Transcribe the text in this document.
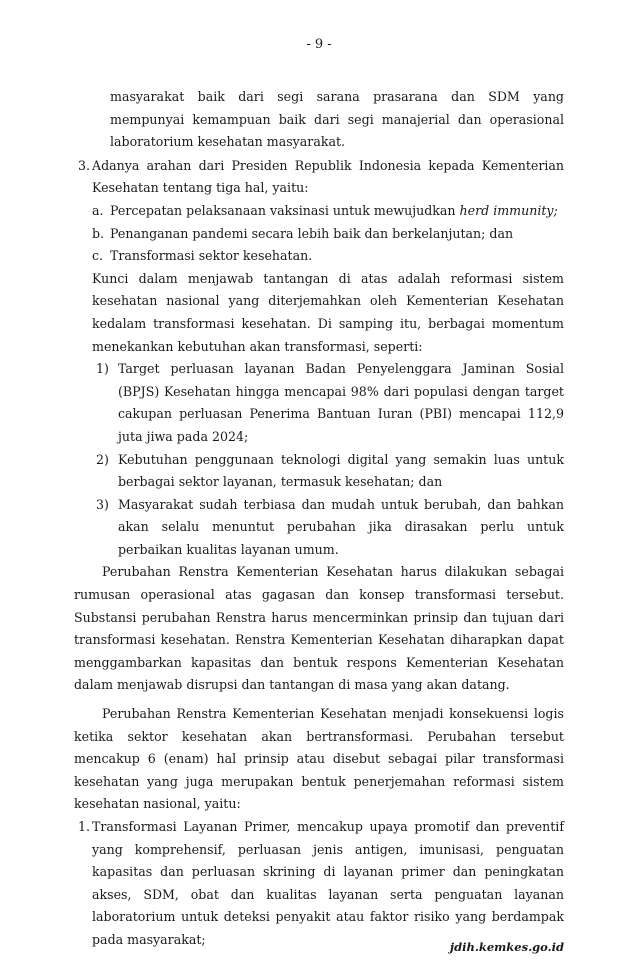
- 9 -
masyarakat baik dari segi sarana prasarana dan SDM yang mempunyai kemampuan baik dari segi manajerial dan operasional laboratorium kesehatan masyarakat.
3. Adanya arahan dari Presiden Republik Indonesia kepada Kementerian Kesehatan tentang tiga hal, yaitu:
a. Percepatan pelaksanaan vaksinasi untuk mewujudkan herd immunity;
b. Penanganan pandemi secara lebih baik dan berkelanjutan; dan
c. Transformasi sektor kesehatan.
Kunci dalam menjawab tantangan di atas adalah reformasi sistem kesehatan nasional yang diterjemahkan oleh Kementerian Kesehatan kedalam transformasi kesehatan. Di samping itu, berbagai momentum menekankan kebutuhan akan transformasi, seperti:
1) Target perluasan layanan Badan Penyelenggara Jaminan Sosial (BPJS) Kesehatan hingga mencapai 98% dari populasi dengan target cakupan perluasan Penerima Bantuan Iuran (PBI) mencapai 112,9 juta jiwa pada 2024;
2) Kebutuhan penggunaan teknologi digital yang semakin luas untuk berbagai sektor layanan, termasuk kesehatan; dan
3) Masyarakat sudah terbiasa dan mudah untuk berubah, dan bahkan akan selalu menuntut perubahan jika dirasakan perlu untuk perbaikan kualitas layanan umum.
Perubahan Renstra Kementerian Kesehatan harus dilakukan sebagai rumusan operasional atas gagasan dan konsep transformasi tersebut. Substansi perubahan Renstra harus mencerminkan prinsip dan tujuan dari transformasi kesehatan. Renstra Kementerian Kesehatan diharapkan dapat menggambarkan kapasitas dan bentuk respons Kementerian Kesehatan dalam menjawab disrupsi dan tantangan di masa yang akan datang.
Perubahan Renstra Kementerian Kesehatan menjadi konsekuensi logis ketika sektor kesehatan akan bertransformasi. Perubahan tersebut mencakup 6 (enam) hal prinsip atau disebut sebagai pilar transformasi kesehatan yang juga merupakan bentuk penerjemahan reformasi sistem kesehatan nasional, yaitu:
1. Transformasi Layanan Primer, mencakup upaya promotif dan preventif yang komprehensif, perluasan jenis antigen, imunisasi, penguatan kapasitas dan perluasan skrining di layanan primer dan peningkatan akses, SDM, obat dan kualitas layanan serta penguatan layanan laboratorium untuk deteksi penyakit atau faktor risiko yang berdampak pada masyarakat;
jdih.kemkes.go.id
